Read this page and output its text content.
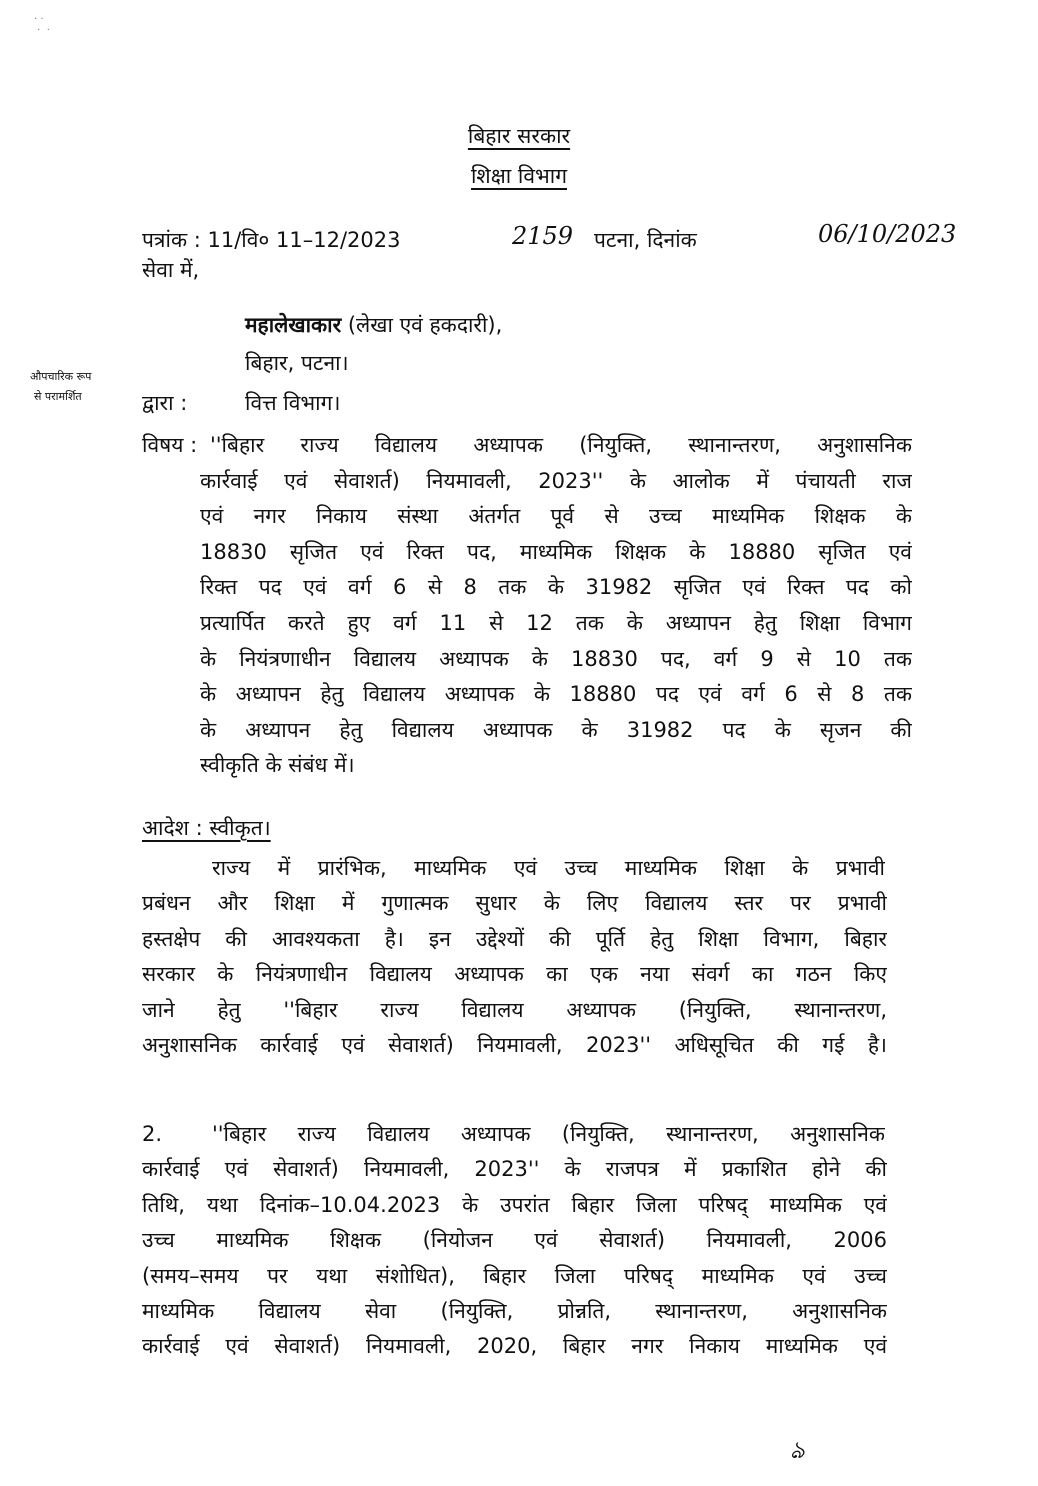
बिहार सरकार
शिक्षा विभाग
पत्रांक : 11/वि० 11–12/2023	2159 पटना, दिनांक	06/10/2023
सेवा में,
महालेखाकार (लेखा एवं हकदारी),
बिहार, पटना।
द्वारा :	वित्त विभाग।
औपचारिक रूप
से परामर्शित
विषय : ''बिहार राज्य विद्यालय अध्यापक (नियुक्ति, स्थानान्तरण, अनुशासनिक
कार्रवाई एवं सेवाशर्त) नियमावली, 2023'' के आलोक में पंचायती राज
एवं नगर निकाय संस्था अंतर्गत पूर्व से उच्च माध्यमिक शिक्षक के
18830 सृजित एवं रिक्त पद, माध्यमिक शिक्षक के 18880 सृजित एवं
रिक्त पद एवं वर्ग 6 से 8 तक के 31982 सृजित एवं रिक्त पद को
प्रत्यार्पित करते हुए वर्ग 11 से 12 तक के अध्यापन हेतु शिक्षा विभाग
के नियंत्रणाधीन विद्यालय अध्यापक के 18830 पद, वर्ग 9 से 10 तक
के अध्यापन हेतु विद्यालय अध्यापक के 18880 पद एवं वर्ग 6 से 8 तक
के अध्यापन हेतु विद्यालय अध्यापक के 31982 पद के सृजन की
स्वीकृति के संबंध में।
आदेश : स्वीकृत।
राज्य में प्रारंभिक, माध्यमिक एवं उच्च माध्यमिक शिक्षा के प्रभावी
प्रबंधन और शिक्षा में गुणात्मक सुधार के लिए विद्यालय स्तर पर प्रभावी
हस्तक्षेप की आवश्यकता है। इन उद्देश्यों की पूर्ति हेतु शिक्षा विभाग, बिहार
सरकार के नियंत्रणाधीन विद्यालय अध्यापक का एक नया संवर्ग का गठन किए
जाने हेतु ''बिहार राज्य विद्यालय अध्यापक (नियुक्ति, स्थानान्तरण,
अनुशासनिक कार्रवाई एवं सेवाशर्त) नियमावली, 2023'' अधिसूचित की गई है।
2. ''बिहार राज्य विद्यालय अध्यापक (नियुक्ति, स्थानान्तरण, अनुशासनिक
कार्रवाई एवं सेवाशर्त) नियमावली, 2023'' के राजपत्र में प्रकाशित होने की
तिथि, यथा दिनांक–10.04.2023 के उपरांत बिहार जिला परिषद् माध्यमिक एवं
उच्च माध्यमिक शिक्षक (नियोजन एवं सेवाशर्त) नियमावली, 2006
(समय–समय पर यथा संशोधित), बिहार जिला परिषद् माध्यमिक एवं उच्च
माध्यमिक विद्यालय सेवा (नियुक्ति, प्रोन्नति, स्थानान्तरण, अनुशासनिक
कार्रवाई एवं सेवाशर्त) नियमावली, 2020, बिहार नगर निकाय माध्यमिक एवं
ঌ
· ·
·  ·
